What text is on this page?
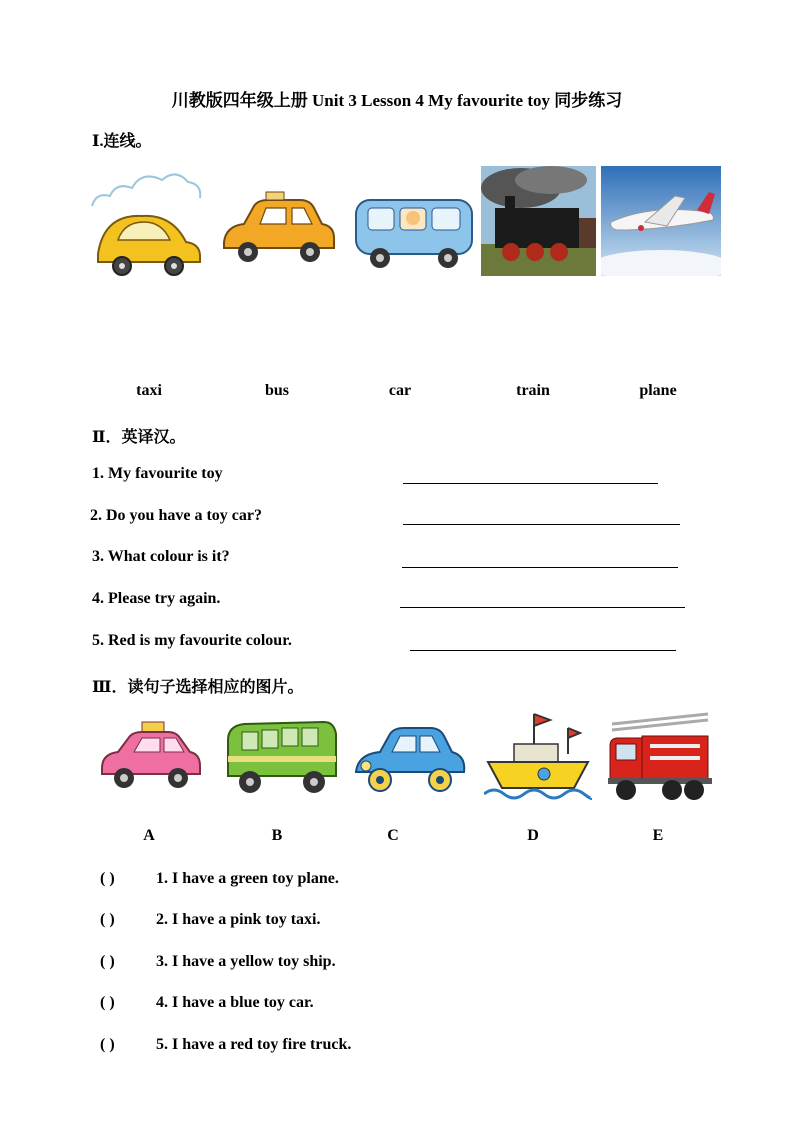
川教版四年级上册 Unit 3 Lesson 4 My favourite toy 同步练习
Ⅰ.连线。
taxi	bus	car	train	plane
Ⅱ．英译汉。
1. My favourite toy
2. Do you have a toy car?
3. What colour is it?
4. Please try again.
5. Red is my favourite colour.
Ⅲ．读句子选择相应的图片。
A	B	C	D	E
( )	1. I have a green toy plane.
( )	2. I have a pink toy taxi.
( )	3. I have a yellow toy ship.
( )	4. I have a blue toy car.
( )	5. I have a red toy fire truck.
